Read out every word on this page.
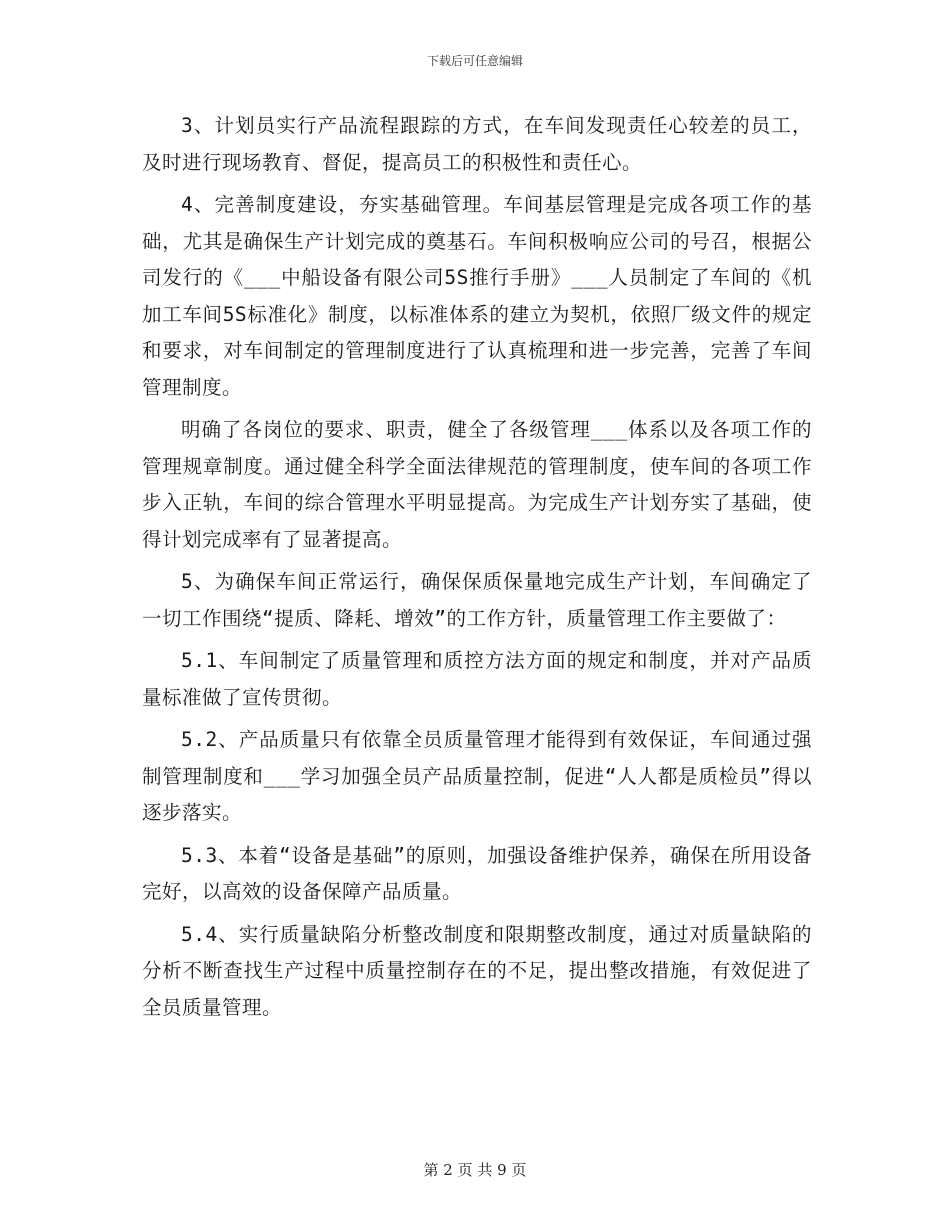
下载后可任意编辑

3、计划员实行产品流程跟踪的方式，在车间发现责任心较差的员工，及时进行现场教育、督促，提高员工的积极性和责任心。

4、完善制度建设，夯实基础管理。车间基层管理是完成各项工作的基础，尤其是确保生产计划完成的奠基石。车间积极响应公司的号召，根据公司发行的《___中船设备有限公司5S推行手册》___人员制定了车间的《机加工车间5S标准化》制度，以标准体系的建立为契机，依照厂级文件的规定和要求，对车间制定的管理制度进行了认真梳理和进一步完善，完善了车间管理制度。

明确了各岗位的要求、职责，健全了各级管理___体系以及各项工作的管理规章制度。通过健全科学全面法律规范的管理制度，使车间的各项工作步入正轨，车间的综合管理水平明显提高。为完成生产计划夯实了基础，使得计划完成率有了显著提高。

5、为确保车间正常运行，确保保质保量地完成生产计划，车间确定了一切工作围绕“提质、降耗、增效”的工作方针，质量管理工作主要做了：

5.1、车间制定了质量管理和质控方法方面的规定和制度，并对产品质量标准做了宣传贯彻。

5.2、产品质量只有依靠全员质量管理才能得到有效保证，车间通过强制管理制度和___学习加强全员产品质量控制，促进“人人都是质检员”得以逐步落实。

5.3、本着“设备是基础”的原则，加强设备维护保养，确保在所用设备完好，以高效的设备保障产品质量。

5.4、实行质量缺陷分析整改制度和限期整改制度，通过对质量缺陷的分析不断查找生产过程中质量控制存在的不足，提出整改措施，有效促进了全员质量管理。

第 2 页 共 9 页
